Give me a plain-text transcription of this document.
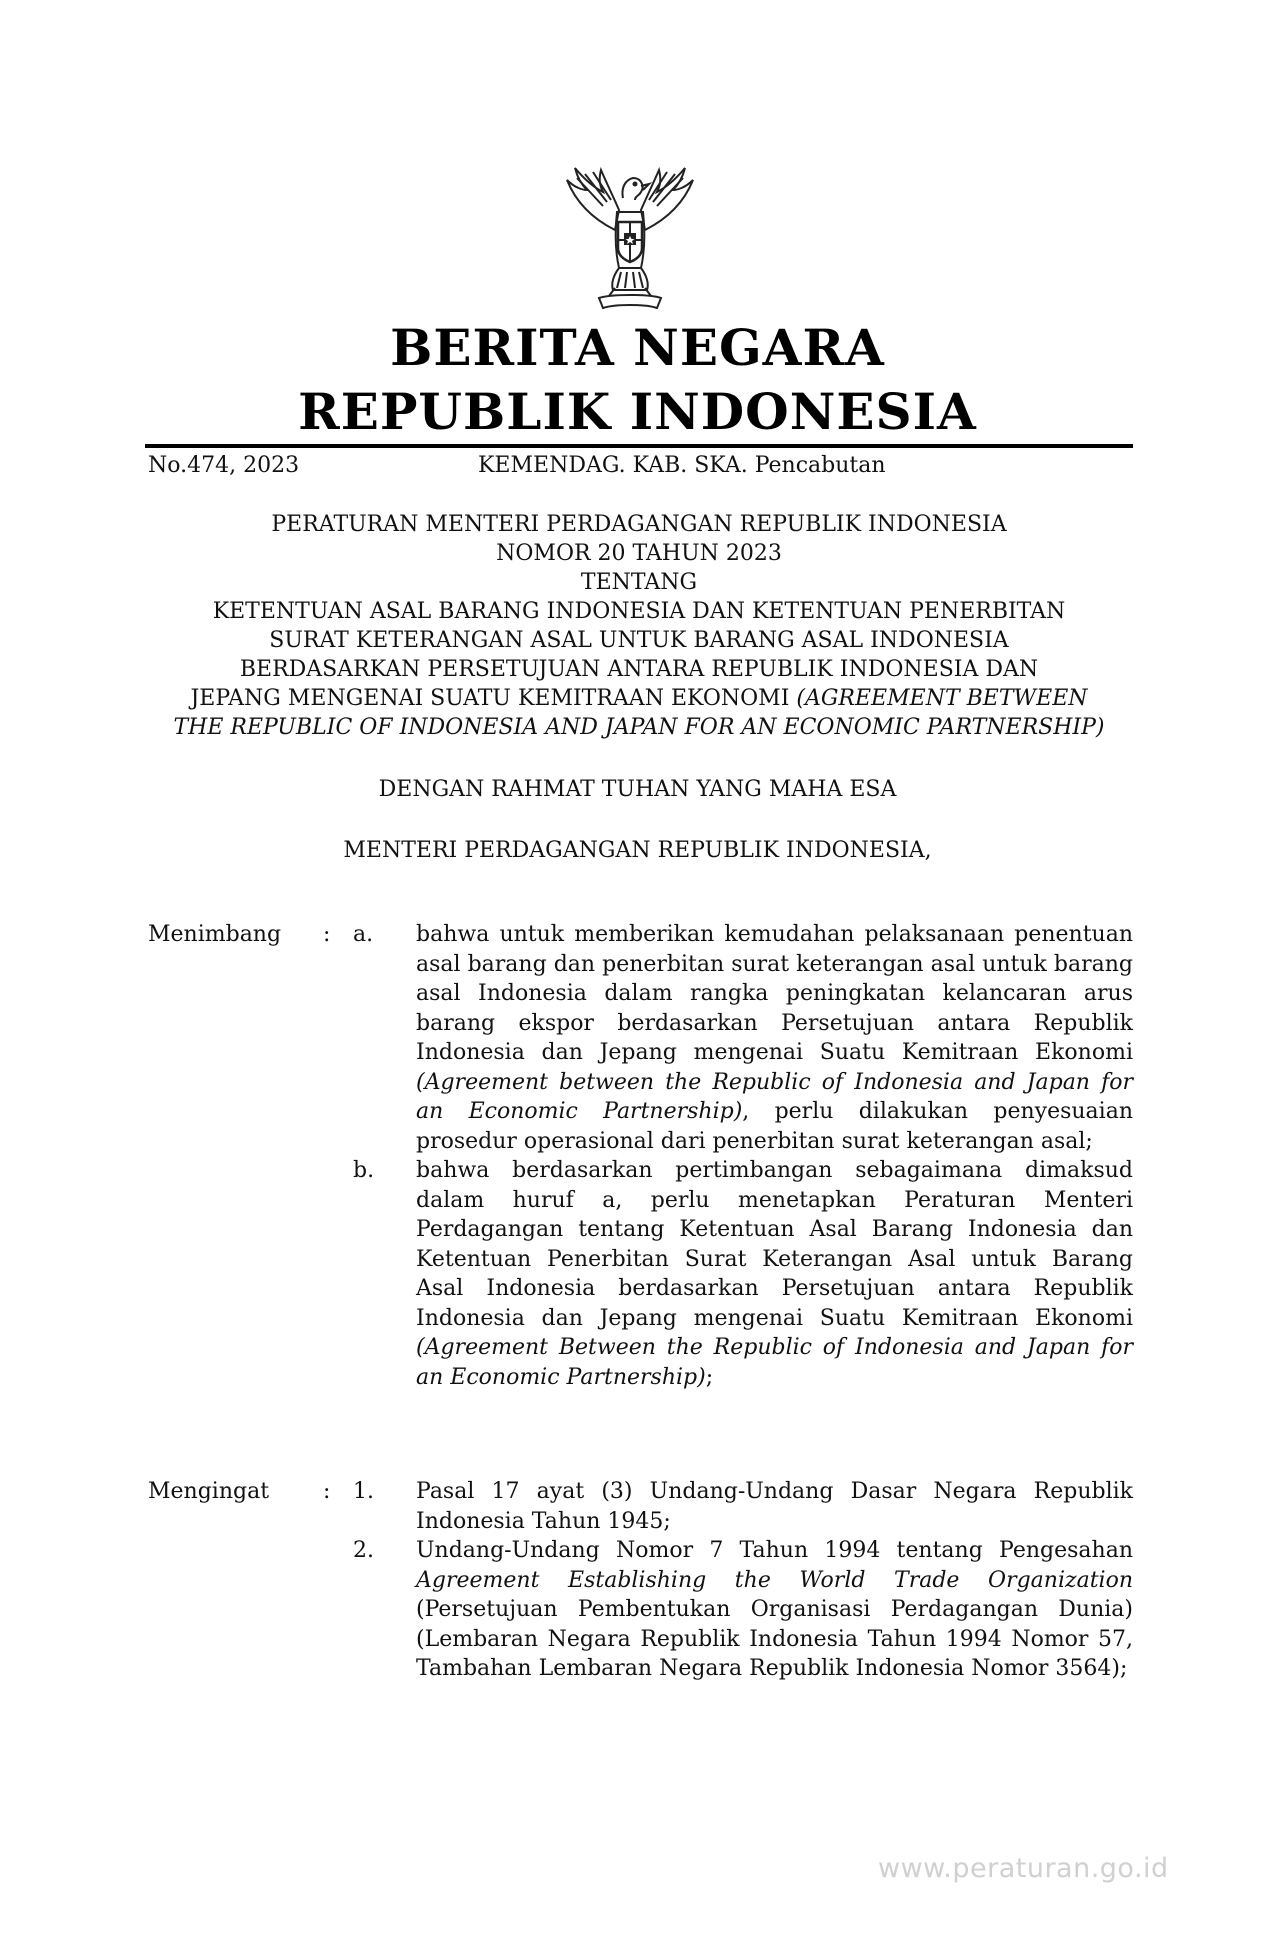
BERITA NEGARA
REPUBLIK INDONESIA
No.474, 2023	KEMENDAG. KAB. SKA. Pencabutan
PERATURAN MENTERI PERDAGANGAN REPUBLIK INDONESIA
NOMOR 20 TAHUN 2023
TENTANG
KETENTUAN ASAL BARANG INDONESIA DAN KETENTUAN PENERBITAN
SURAT KETERANGAN ASAL UNTUK BARANG ASAL INDONESIA
BERDASARKAN PERSETUJUAN ANTARA REPUBLIK INDONESIA DAN
JEPANG MENGENAI SUATU KEMITRAAN EKONOMI (AGREEMENT BETWEEN
THE REPUBLIC OF INDONESIA AND JAPAN FOR AN ECONOMIC PARTNERSHIP)
DENGAN RAHMAT TUHAN YANG MAHA ESA
MENTERI PERDAGANGAN REPUBLIK INDONESIA,
Menimbang : a.	bahwa untuk memberikan kemudahan pelaksanaan penentuan asal barang dan penerbitan surat keterangan asal untuk barang asal Indonesia dalam rangka peningkatan kelancaran arus barang ekspor berdasarkan Persetujuan antara Republik Indonesia dan Jepang mengenai Suatu Kemitraan Ekonomi (Agreement between the Republic of Indonesia and Japan for an Economic Partnership), perlu dilakukan penyesuaian prosedur operasional dari penerbitan surat keterangan asal;
b.	bahwa berdasarkan pertimbangan sebagaimana dimaksud dalam huruf a, perlu menetapkan Peraturan Menteri Perdagangan tentang Ketentuan Asal Barang Indonesia dan Ketentuan Penerbitan Surat Keterangan Asal untuk Barang Asal Indonesia berdasarkan Persetujuan antara Republik Indonesia dan Jepang mengenai Suatu Kemitraan Ekonomi (Agreement Between the Republic of Indonesia and Japan for an Economic Partnership);
Mengingat : 1.	Pasal 17 ayat (3) Undang-Undang Dasar Negara Republik Indonesia Tahun 1945;
2.	Undang-Undang Nomor 7 Tahun 1994 tentang Pengesahan Agreement Establishing the World Trade Organization (Persetujuan Pembentukan Organisasi Perdagangan Dunia) (Lembaran Negara Republik Indonesia Tahun 1994 Nomor 57, Tambahan Lembaran Negara Republik Indonesia Nomor 3564);
www.peraturan.go.id
